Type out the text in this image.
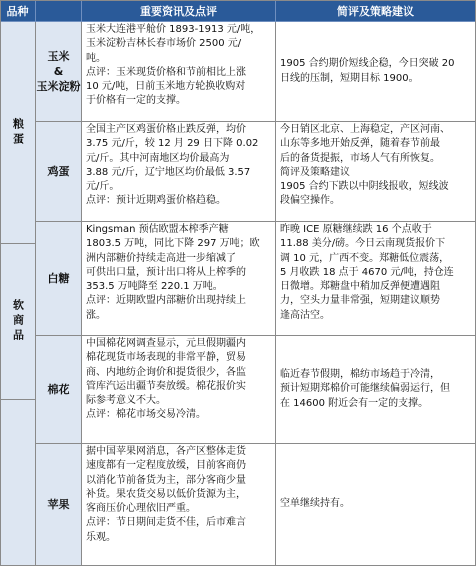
品种	重要资讯及点评	简评及策略建议
粮蛋
软商品
玉米
&
玉米淀粉
玉米大连港平舱价 1893-1913 元/吨，
玉米淀粉吉林长春市场价 2500 元/
吨。
点评：玉米现货价格和节前相比上涨
10 元/吨，日前玉米地方轮换收购对
于价格有一定的支撑。
1905 合约期价短线企稳，今日突破 20
日线的压制，短期目标 1900。
鸡蛋
全国主产区鸡蛋价格止跌反弹，均价
3.75 元/斤，较 12 月 29 日下降 0.02
元/斤。其中河南地区均价最高为
3.88 元/斤，辽宁地区均价最低 3.57
元/斤。
点评：预计近期鸡蛋价格趋稳。
今日销区北京、上海稳定，产区河南、
山东等多地开始反弹，随着春节前最
后的备货提振，市场人气有所恢复。
简评及策略建议
1905 合约下跌以中阴线报收，短线波
段偏空操作。
白糖
Kingsman 预估欧盟本榨季产糖
1803.5 万吨，同比下降 297 万吨；欧
洲内部糖价持续走高进一步缩减了
可供出口量，预计出口将从上榨季的
353.5 万吨降至 220.1 万吨。
点评：近期欧盟内部糖价出现持续上
涨。
昨晚 ICE 原糖继续跌 16 个点收于
11.88 美分/磅。今日云南现货报价下
调 10 元，广西不变。郑糖低位震荡，
5 月收跌 18 点于 4670 元/吨，持仓连
日微增。郑糖盘中稍加反弹便遭遇阻
力，空头力量非常强，短期建议顺势
逢高沽空。
棉花
中国棉花网调查显示，元旦假期疆内
棉花现货市场表现的非常平静，贸易
商、内地纺企询价和提货很少，各监
管库汽运出疆节奏放缓。棉花报价实
际参考意义不大。
点评：棉花市场交易冷清。
临近春节假期，棉纺市场趋于冷清，
预计短期郑棉价可能继续偏弱运行，但
在 14600 附近会有一定的支撑。
苹果
据中国苹果网消息，各产区整体走货
速度都有一定程度放缓，目前客商仍
以消化节前备货为主，部分客商少量
补货。果农货交易以低价货源为主，
客商压价心理依旧严重。
点评：节日期间走货不佳，后市难言
乐观。
空单继续持有。
